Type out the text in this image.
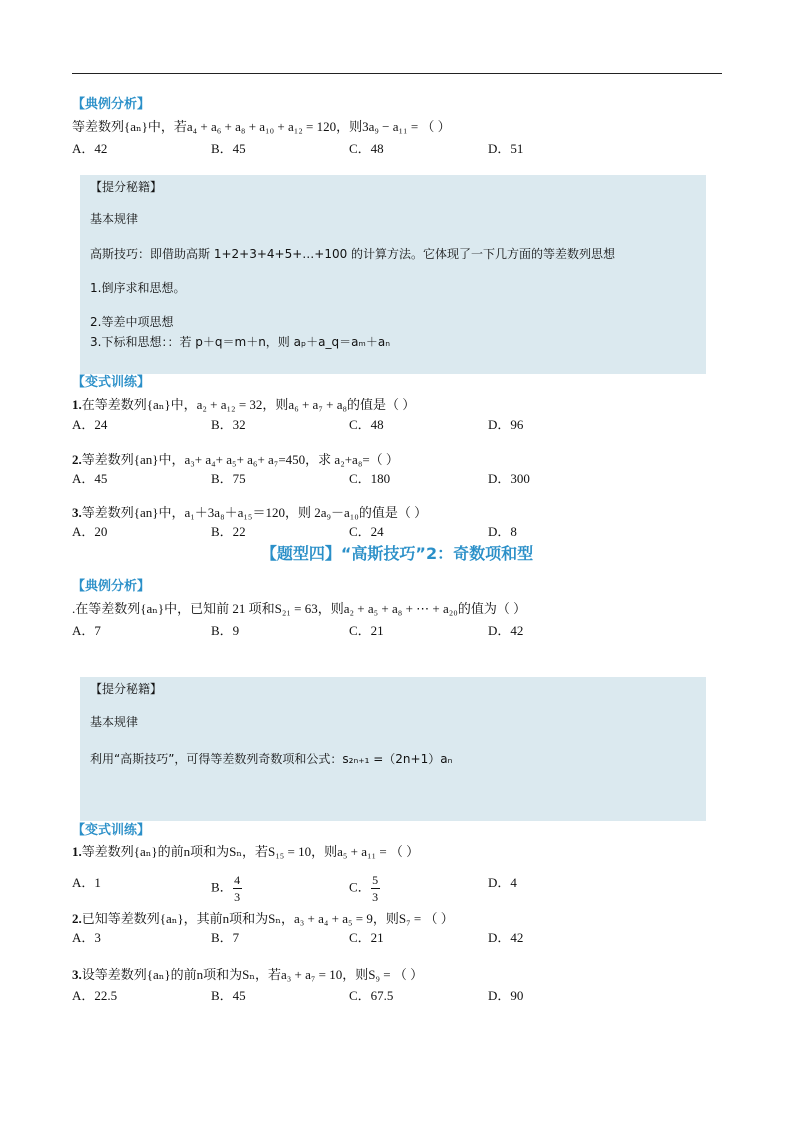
【典例分析】
等差数列{aₙ}中，若a₄ + a₆ + a₈ + a₁₀ + a₁₂ = 120，则3a₉ − a₁₁ = （ ）
A．42	B．45	C．48	D．51
【提分秘籍】
基本规律
高斯技巧：即借助高斯 1+2+3+4+5+…+100 的计算方法。它体现了一下几方面的等差数列思想
1.倒序求和思想。
2.等差中项思想
3.下标和思想：：若 p＋q＝m＋n，则 aₚ＋a_q＝aₘ＋aₙ
【变式训练】
1.在等差数列{aₙ}中，a₂ + a₁₂ = 32，则a₆ + a₇ + a₈的值是（ ）
A．24	B．32	C．48	D．96
2.等差数列{an}中，a₃+ a₄+ a₅+ a₆+ a₇=450，求 a₂+a₈=（ ）
A．45	B．75	C．180	D．300
3.等差数列{an}中，a₁＋3a₈＋a₁₅＝120，则 2a₉－a₁₀的值是（ ）
A．20	B．22	C．24	D．8
【题型四】“高斯技巧”2：奇数项和型
【典例分析】
.在等差数列{aₙ}中，已知前 21 项和S₂₁ = 63，则a₂ + a₅ + a₈ + ⋯ + a₂₀的值为（ ）
A．7	B．9	C．21	D．42
【提分秘籍】
基本规律
利用“高斯技巧”，可得等差数列奇数项和公式：s₂ₙ₊₁ =（2n+1）aₙ
【变式训练】
1.等差数列{aₙ}的前n项和为Sₙ，若S₁₅ = 10，则a₅ + a₁₁ = （ ）
A．1	B． $\frac{4}{3}$	C． $\frac{5}{3}$	D．4
2.已知等差数列{aₙ}，其前n项和为Sₙ，a₃ + a₄ + a₅ = 9，则S₇ = （ ）
A．3	B．7	C．21	D．42
3.设等差数列{aₙ}的前n项和为Sₙ，若a₃ + a₇ = 10，则S₉ = （ ）
A．22.5	B．45	C．67.5	D．90
